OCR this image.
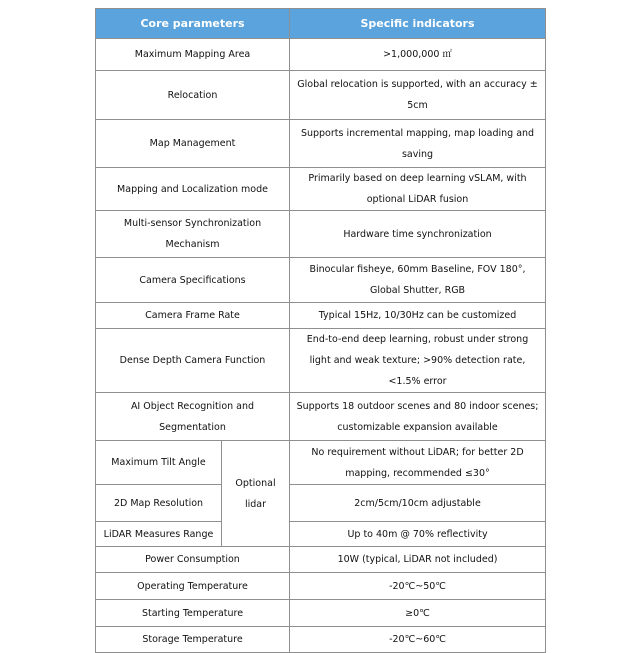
Core parameters		Specific indicators
Maximum Mapping Area		>1,000,000 ㎡
Relocation		Global relocation is supported, with an accuracy ± 5cm
Map Management		Supports incremental mapping, map loading and saving
Mapping and Localization mode		Primarily based on deep learning vSLAM, with optional LiDAR fusion
Multi-sensor Synchronization Mechanism		Hardware time synchronization
Camera Specifications		Binocular fisheye, 60mm Baseline, FOV 180°, Global Shutter, RGB
Camera Frame Rate		Typical 15Hz, 10/30Hz can be customized
Dense Depth Camera Function		End-to-end deep learning, robust under strong light and weak texture; >90% detection rate, <1.5% error
AI Object Recognition and Segmentation		Supports 18 outdoor scenes and 80 indoor scenes; customizable expansion available
Maximum Tilt Angle	Optional lidar	No requirement without LiDAR; for better 2D mapping, recommended ≤30°
2D Map Resolution		2cm/5cm/10cm adjustable
LiDAR Measures Range		Up to 40m @ 70% reflectivity
Power Consumption		10W (typical, LiDAR not included)
Operating Temperature		-20℃~50℃
Starting Temperature		≥0℃
Storage Temperature		-20℃~60℃
